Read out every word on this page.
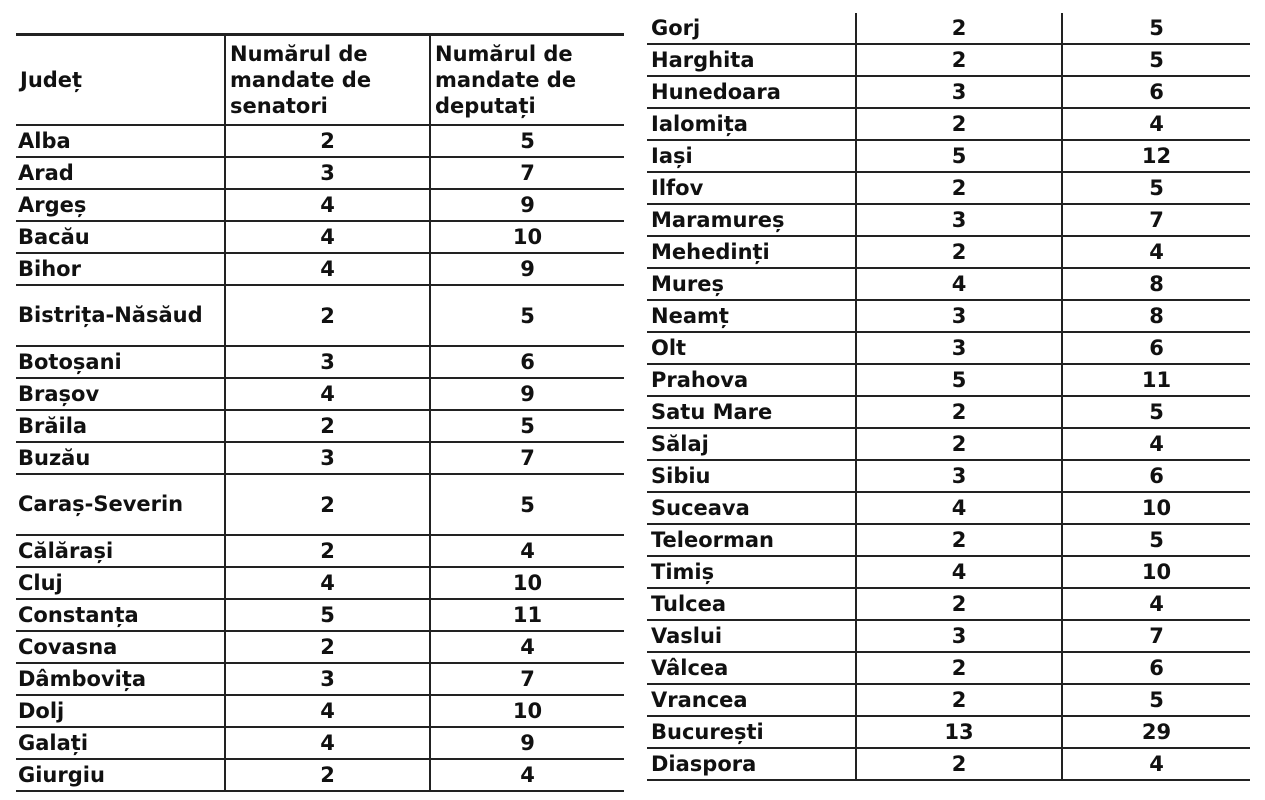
Județ	Numărul de mandate de senatori	Numărul de mandate de deputați
Alba	2	5
Arad	3	7
Argeș	4	9
Bacău	4	10
Bihor	4	9
Bistrița-Năsăud	2	5
Botoșani	3	6
Brașov	4	9
Brăila	2	5
Buzău	3	7
Caraș-Severin	2	5
Călărași	2	4
Cluj	4	10
Constanța	5	11
Covasna	2	4
Dâmbovița	3	7
Dolj	4	10
Galați	4	9
Giurgiu	2	4
Gorj	2	5
Harghita	2	5
Hunedoara	3	6
Ialomița	2	4
Iași	5	12
Ilfov	2	5
Maramureș	3	7
Mehedinți	2	4
Mureș	4	8
Neamț	3	8
Olt	3	6
Prahova	5	11
Satu Mare	2	5
Sălaj	2	4
Sibiu	3	6
Suceava	4	10
Teleorman	2	5
Timiș	4	10
Tulcea	2	4
Vaslui	3	7
Vâlcea	2	6
Vrancea	2	5
București	13	29
Diaspora	2	4
